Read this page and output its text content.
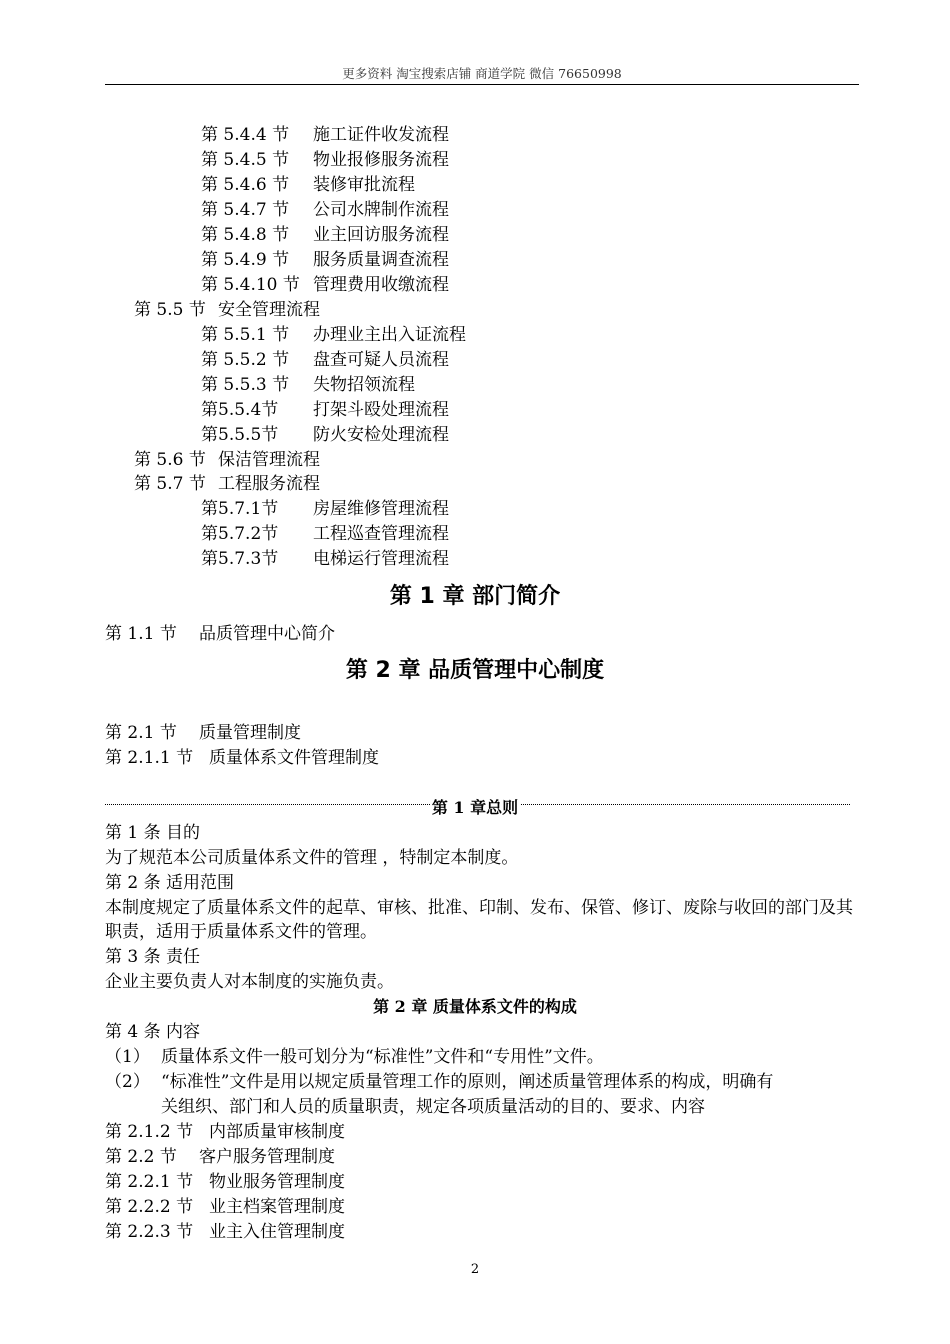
更多资料 淘宝搜索店铺 商道学院 微信 76650998
第 5.4.4 节 施工证件收发流程
第 5.4.5 节 物业报修服务流程
第 5.4.6 节 装修审批流程
第 5.4.7 节 公司水牌制作流程
第 5.4.8 节 业主回访服务流程
第 5.4.9 节 服务质量调查流程
第 5.4.10 节 管理费用收缴流程
第 5.5 节 安全管理流程
第 5.5.1 节 办理业主出入证流程
第 5.5.2 节 盘查可疑人员流程
第 5.5.3 节 失物招领流程
第5.5.4节 打架斗殴处理流程
第5.5.5节 防火安检处理流程
第 5.6 节 保洁管理流程
第 5.7 节 工程服务流程
第5.7.1节 房屋维修管理流程
第5.7.2节 工程巡查管理流程
第5.7.3节 电梯运行管理流程
第 1 章 部门简介
第 1.1 节 品质管理中心简介
第 2 章 品质管理中心制度
第 2.1 节 质量管理制度
第 2.1.1 节 质量体系文件管理制度
第 1 章总则
第 1 条 目的
为了规范本公司质量体系文件的管理 ，特制定本制度。
第 2 条 适用范围
本制度规定了质量体系文件的起草、审核、批准、印制、发布、保管、修订、废除与收回的部门及其职责，适用于质量体系文件的管理。
第 3 条 责任
企业主要负责人对本制度的实施负责。
第 2 章 质量体系文件的构成
第 4 条 内容
（1） 质量体系文件一般可划分为“标准性”文件和“专用性”文件。
（2） “标准性”文件是用以规定质量管理工作的原则，阐述质量管理体系的构成，明确有
关组织、部门和人员的质量职责，规定各项质量活动的目的、要求、内容
第 2.1.2 节 内部质量审核制度
第 2.2 节 客户服务管理制度
第 2.2.1 节 物业服务管理制度
第 2.2.2 节 业主档案管理制度
第 2.2.3 节 业主入住管理制度
2
